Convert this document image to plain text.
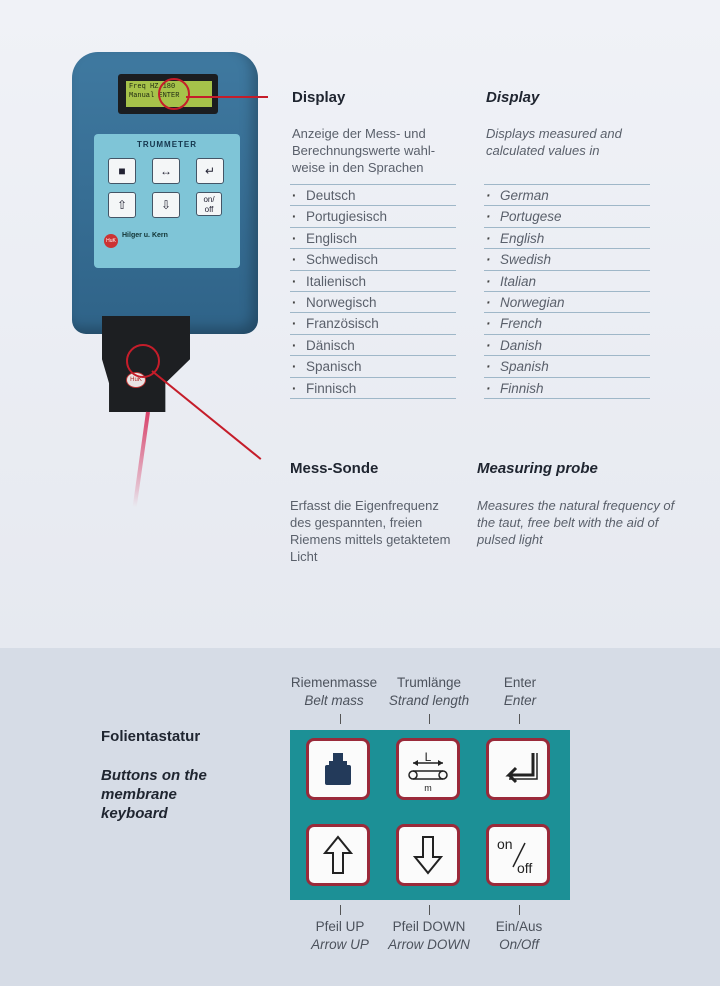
Freq HZ 180
Manual ENTER
TRUMMETER
■	↔	↵
⇧	⇩	on/
off
HuK
Hilger u. Kern
HuK
Display	Display
Anzeige der Mess- und Berechnungswerte wahl- weise in den Sprachen
Displays measured and calculated values in
· Deutsch
· Portugiesisch
· Englisch
· Schwedisch
· Italienisch
· Norwegisch
· Französisch
· Dänisch
· Spanisch
· Finnisch
· German
· Portugese
· English
· Swedish
· Italian
· Norwegian
· French
· Danish
· Spanish
· Finnish
Mess-Sonde	Measuring probe
Erfasst die Eigenfrequenz des gespannten, freien Riemens mittels getaktetem Licht
Measures the natural frequency of the taut, free belt with the aid of pulsed light
Folientastatur
Buttons on the membrane keyboard
Riemenmasse
Belt mass
Trumlänge
Strand length
Enter
Enter
L
m
on
off
Pfeil UP
Arrow UP
Pfeil DOWN
Arrow DOWN
Ein/Aus
On/Off
